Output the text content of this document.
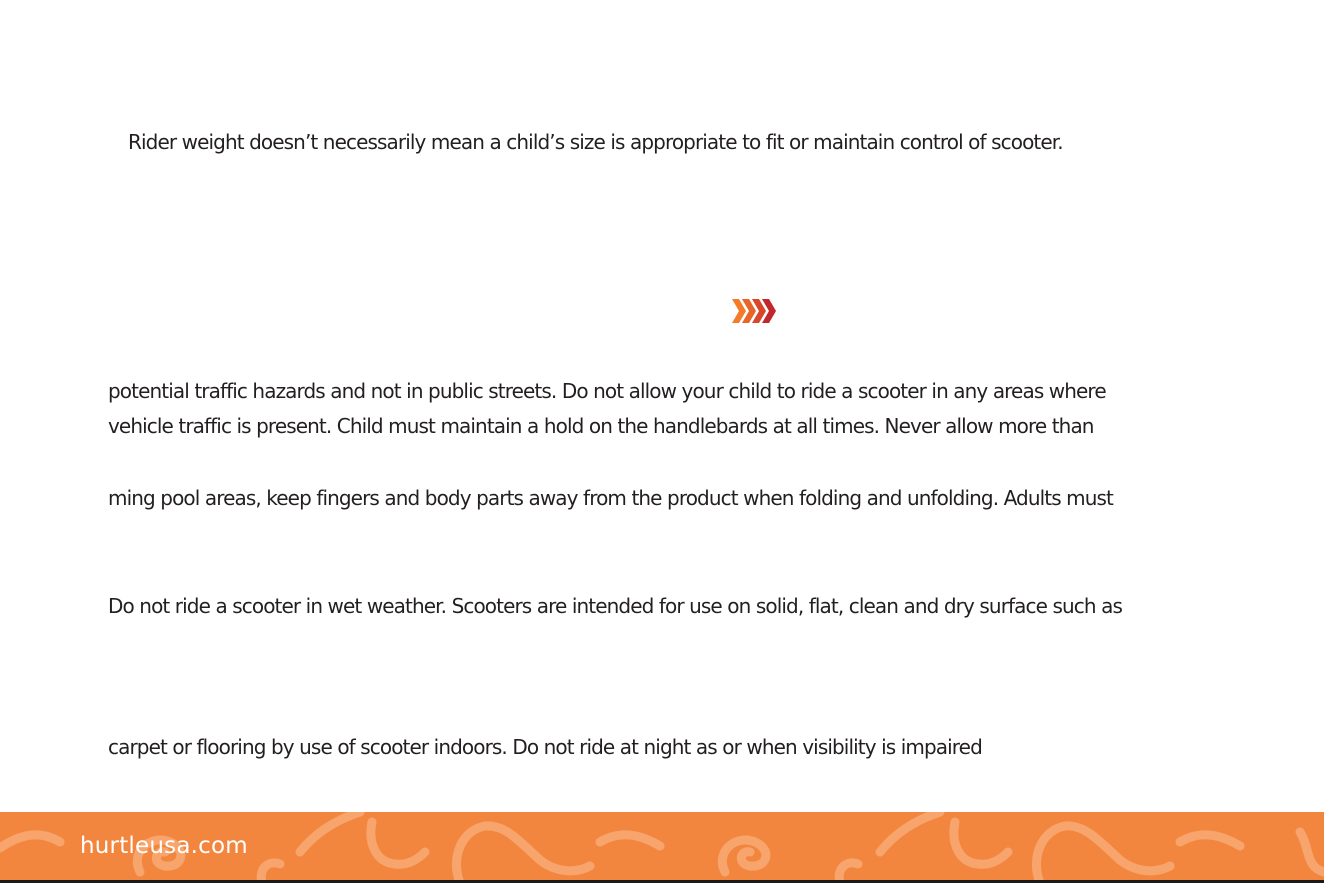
Rider weight doesn’t necessarily mean a child’s size is appropriate to fit or maintain control of scooter.
potential traffic hazards and not in public streets. Do not allow your child to ride a scooter in any areas where
vehicle traffic is present. Child must maintain a hold on the handlebards at all times. Never allow more than
ming pool areas, keep fingers and body parts away from the product when folding and unfolding. Adults must
Do not ride a scooter in wet weather. Scooters are intended for use on solid, flat, clean and dry surface such as
carpet or flooring by use of scooter indoors. Do not ride at night as or when visibility is impaired
hurtleusa.com
